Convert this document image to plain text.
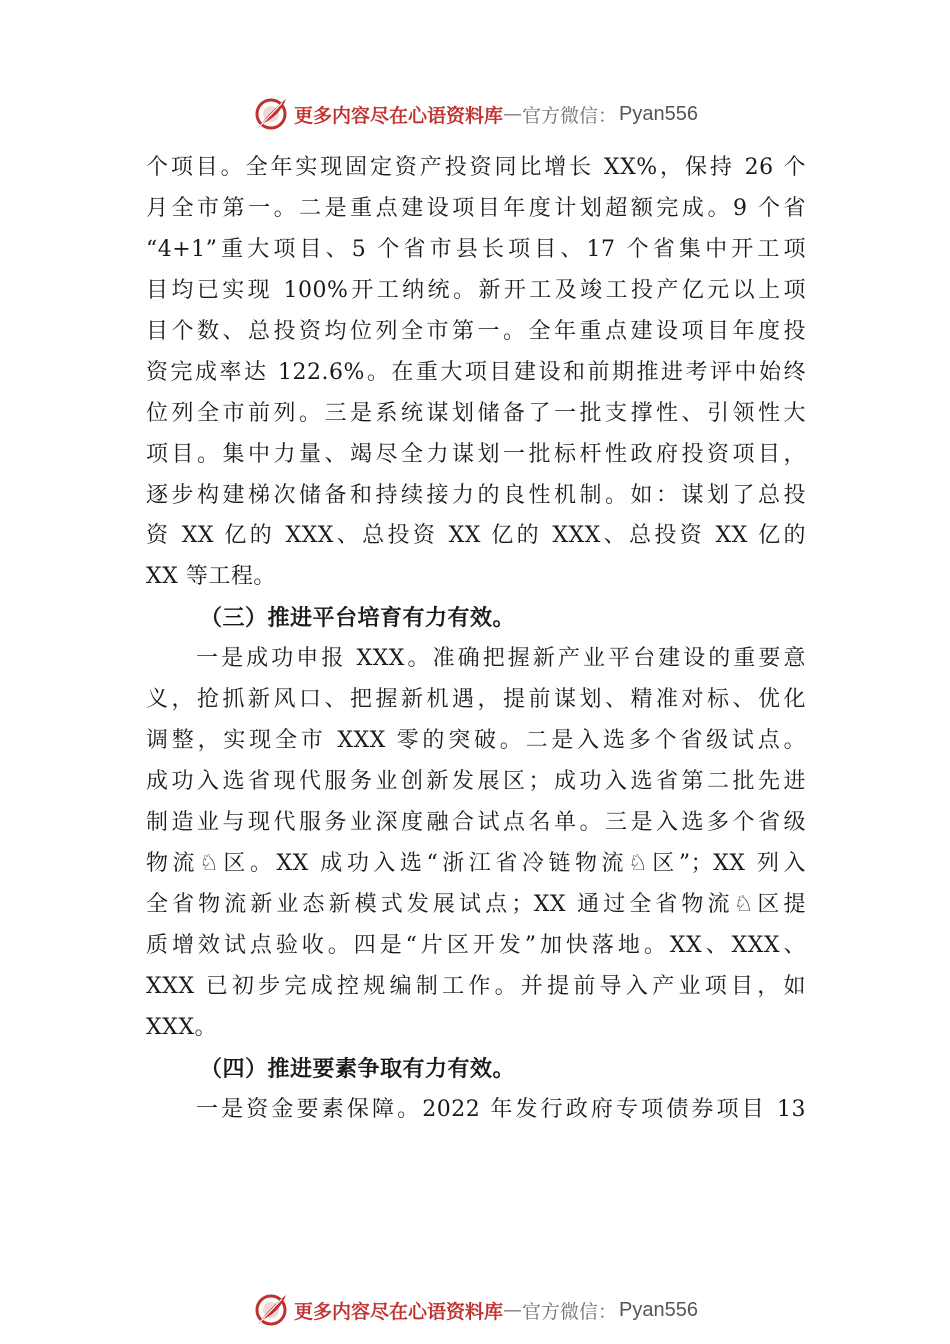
更多内容尽在心语资料库 — 官方微信： Pyan556
个项目。全年实现固定资产投资同比增长 XX%，保持 26 个
月全市第一。二是重点建设项目年度计划超额完成。9 个省
“4+1”重大项目、5 个省市县长项目、17 个省集中开工项
目均已实现 100%开工纳统。新开工及竣工投产亿元以上项
目个数、总投资均位列全市第一。全年重点建设项目年度投
资完成率达 122.6%。在重大项目建设和前期推进考评中始终
位列全市前列。三是系统谋划储备了一批支撑性、引领性大
项目。集中力量、竭尽全力谋划一批标杆性政府投资项目，
逐步构建梯次储备和持续接力的良性机制。如：谋划了总投
资 XX 亿的 XXX、总投资 XX 亿的 XXX、总投资 XX 亿的
XX 等工程。
（三）推进平台培育有力有效。
一是成功申报 XXX。准确把握新产业平台建设的重要意
义，抢抓新风口、把握新机遇，提前谋划、精准对标、优化
调整，实现全市 XXX 零的突破。二是入选多个省级试点。
成功入选省现代服务业创新发展区；成功入选省第二批先进
制造业与现代服务业深度融合试点名单。三是入选多个省级
物流♘区。XX 成功入选“浙江省冷链物流♘区”；XX 列入
全省物流新业态新模式发展试点；XX 通过全省物流♘区提
质增效试点验收。四是“片区开发”加快落地。XX、XXX、
XXX 已初步完成控规编制工作。并提前导入产业项目，如
XXX。
（四）推进要素争取有力有效。
一是资金要素保障。2022 年发行政府专项债券项目 13
更多内容尽在心语资料库 — 官方微信： Pyan556
